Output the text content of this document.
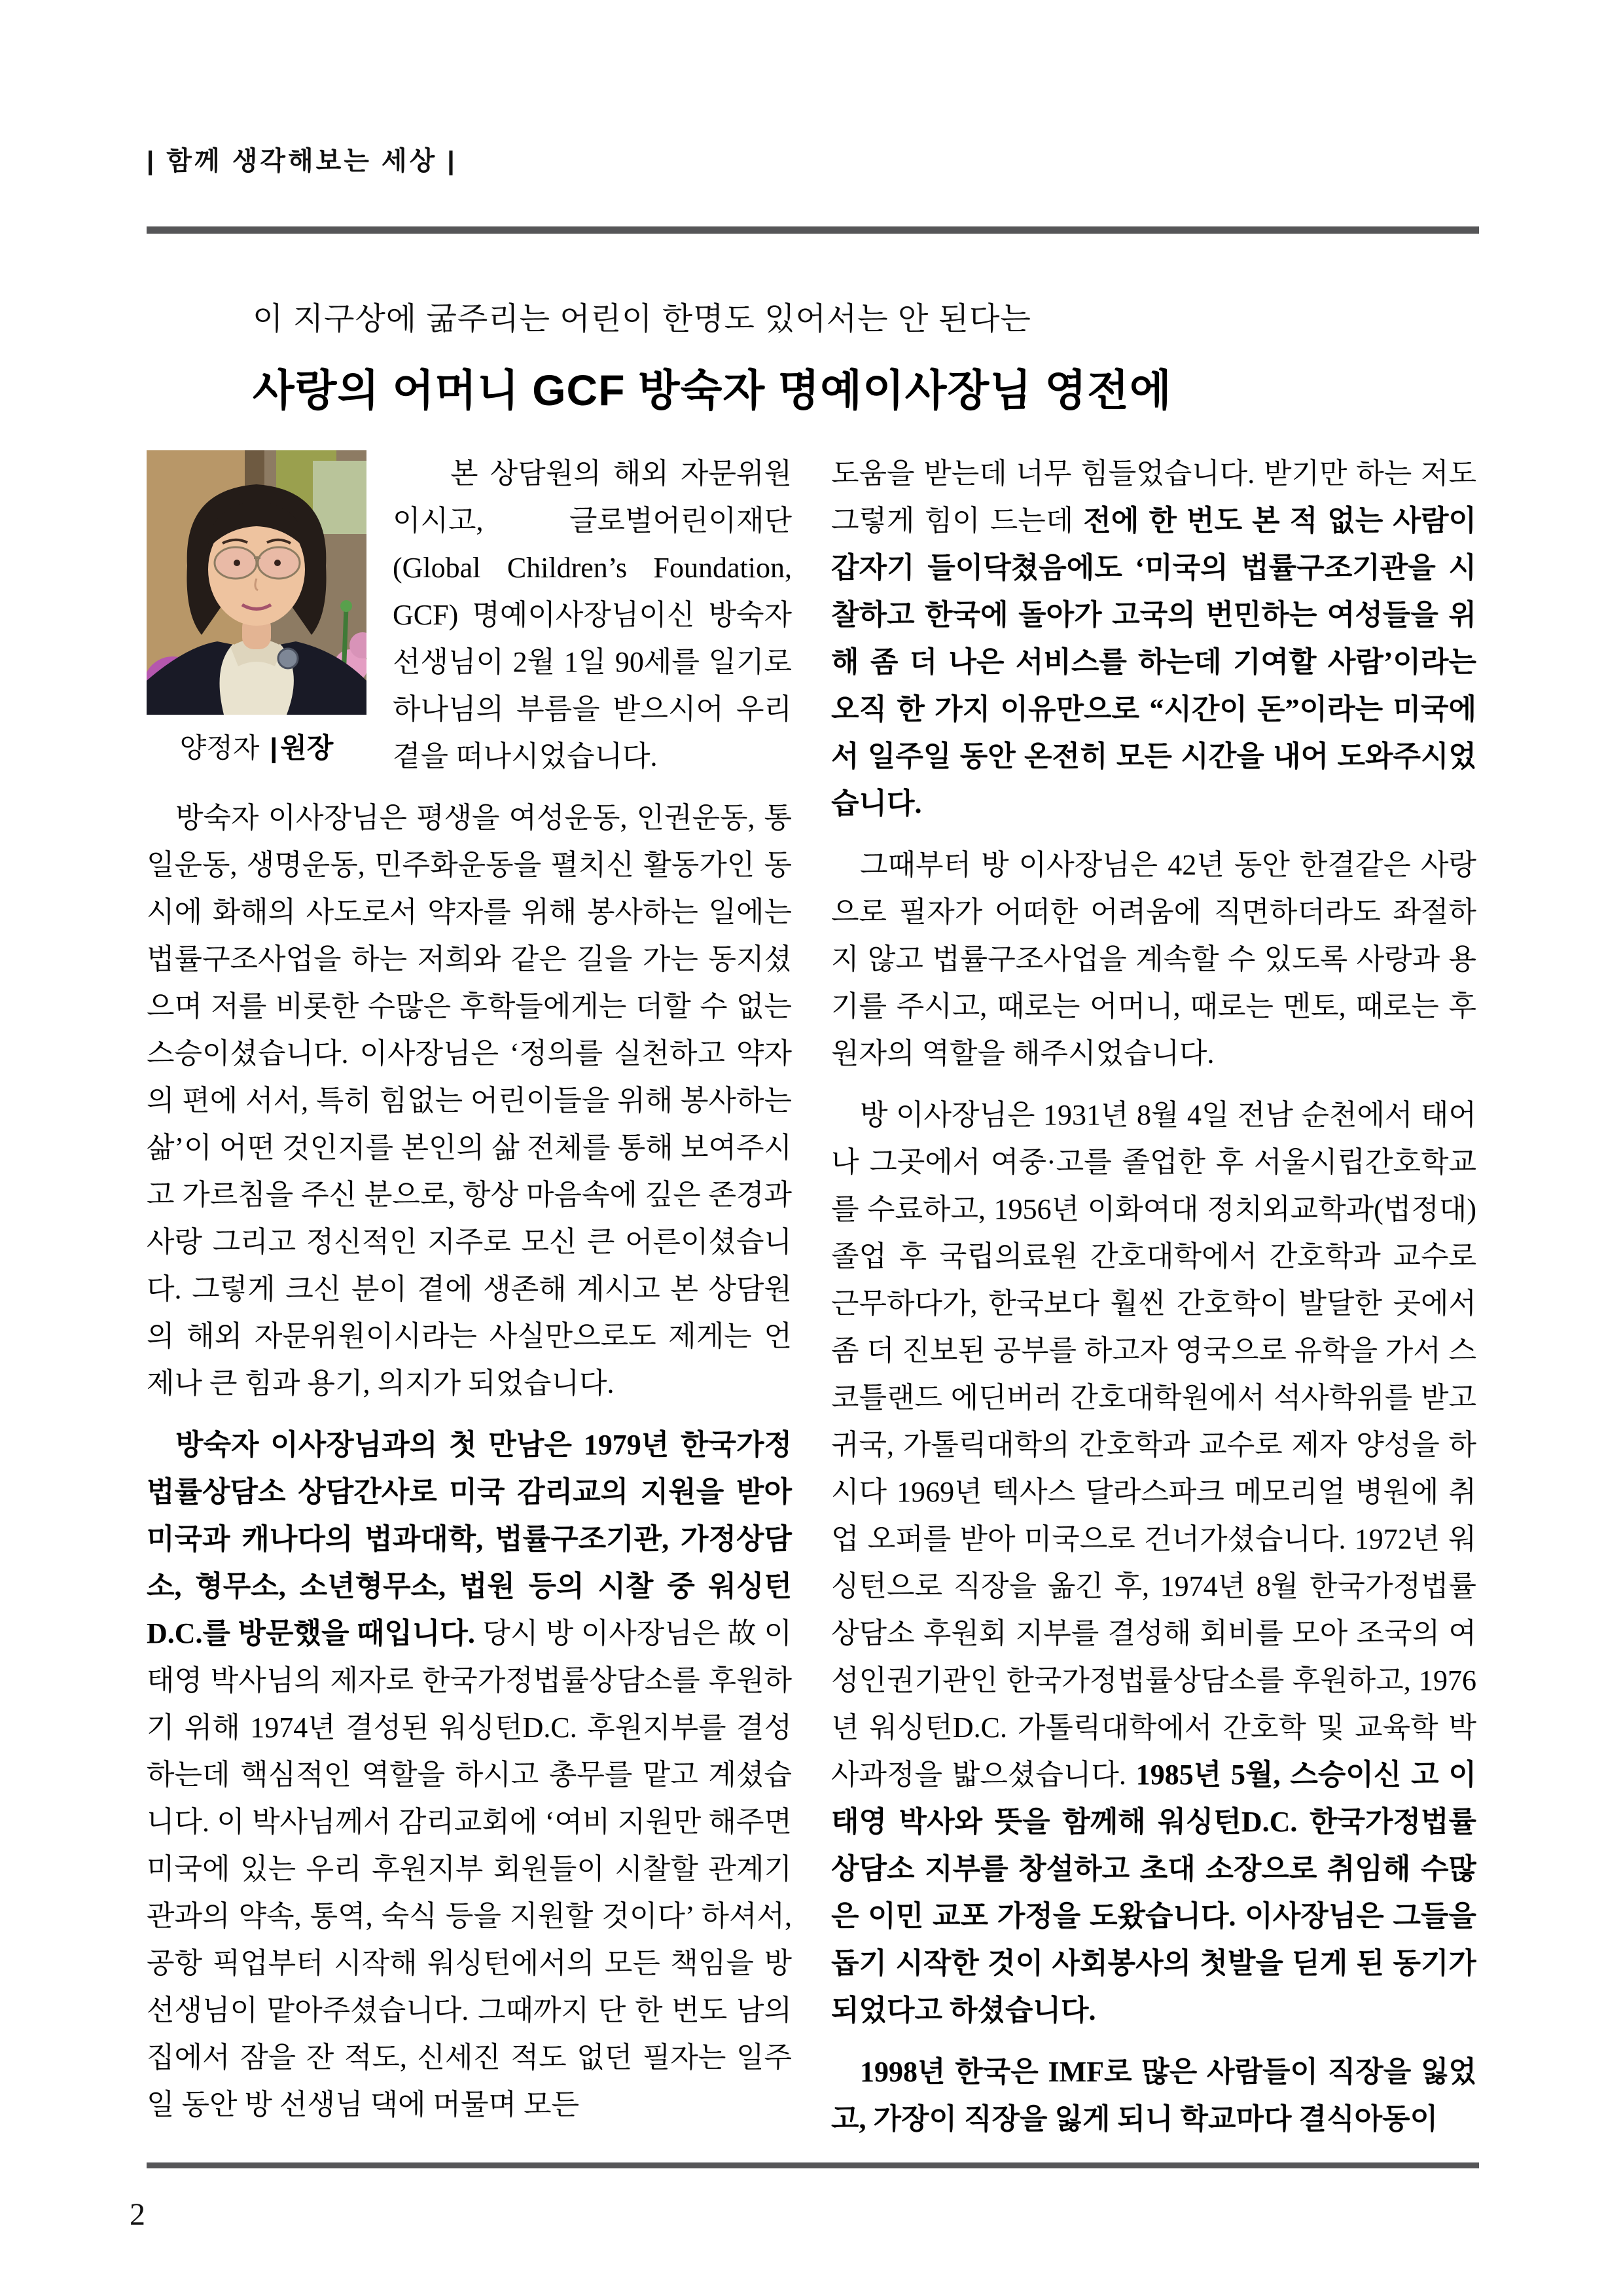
| 함께 생각해보는 세상 |
이 지구상에 굶주리는 어린이 한명도 있어서는 안 된다는
사랑의 어머니 GCF 방숙자 명예이사장님 영전에
양정자 |원장

본 상담원의 해외 자문위원이시고, 글로벌어린이재단(Global Children’s Foundation, GCF) 명예이사장님이신 방숙자 선생님이 2월 1일 90세를 일기로 하나님의 부름을 받으시어 우리 곁을 떠나시었습니다.

방숙자 이사장님은 평생을 여성운동, 인권운동, 통일운동, 생명운동, 민주화운동을 펼치신 활동가인 동시에 화해의 사도로서 약자를 위해 봉사하는 일에는 법률구조사업을 하는 저희와 같은 길을 가는 동지셨으며 저를 비롯한 수많은 후학들에게는 더할 수 없는 스승이셨습니다. 이사장님은 ‘정의를 실천하고 약자의 편에 서서, 특히 힘없는 어린이들을 위해 봉사하는 삶’이 어떤 것인지를 본인의 삶 전체를 통해 보여주시고 가르침을 주신 분으로, 항상 마음속에 깊은 존경과 사랑 그리고 정신적인 지주로 모신 큰 어른이셨습니다. 그렇게 크신 분이 곁에 생존해 계시고 본 상담원의 해외 자문위원이시라는 사실만으로도 제게는 언제나 큰 힘과 용기, 의지가 되었습니다.

방숙자 이사장님과의 첫 만남은 1979년 한국가정법률상담소 상담간사로 미국 감리교의 지원을 받아 미국과 캐나다의 법과대학, 법률구조기관, 가정상담소, 형무소, 소년형무소, 법원 등의 시찰 중 워싱턴D.C.를 방문했을 때입니다. 당시 방 이사장님은 故 이태영 박사님의 제자로 한국가정법률상담소를 후원하기 위해 1974년 결성된 워싱턴D.C. 후원지부를 결성하는데 핵심적인 역할을 하시고 총무를 맡고 계셨습니다. 이 박사님께서 감리교회에 ‘여비 지원만 해주면 미국에 있는 우리 후원지부 회원들이 시찰할 관계기관과의 약속, 통역, 숙식 등을 지원할 것이다’ 하셔서, 공항 픽업부터 시작해 워싱턴에서의 모든 책임을 방 선생님이 맡아주셨습니다. 그때까지 단 한 번도 남의 집에서 잠을 잔 적도, 신세진 적도 없던 필자는 일주일 동안 방 선생님 댁에 머물며 모든

도움을 받는데 너무 힘들었습니다. 받기만 하는 저도 그렇게 힘이 드는데 전에 한 번도 본 적 없는 사람이 갑자기 들이닥쳤음에도 ‘미국의 법률구조기관을 시찰하고 한국에 돌아가 고국의 번민하는 여성들을 위해 좀 더 나은 서비스를 하는데 기여할 사람’이라는 오직 한 가지 이유만으로 “시간이 돈”이라는 미국에서 일주일 동안 온전히 모든 시간을 내어 도와주시었습니다.

그때부터 방 이사장님은 42년 동안 한결같은 사랑으로 필자가 어떠한 어려움에 직면하더라도 좌절하지 않고 법률구조사업을 계속할 수 있도록 사랑과 용기를 주시고, 때로는 어머니, 때로는 멘토, 때로는 후원자의 역할을 해주시었습니다.

방 이사장님은 1931년 8월 4일 전남 순천에서 태어나 그곳에서 여중·고를 졸업한 후 서울시립간호학교를 수료하고, 1956년 이화여대 정치외교학과(법정대) 졸업 후 국립의료원 간호대학에서 간호학과 교수로 근무하다가, 한국보다 훨씬 간호학이 발달한 곳에서 좀 더 진보된 공부를 하고자 영국으로 유학을 가서 스코틀랜드 에딘버러 간호대학원에서 석사학위를 받고 귀국, 가톨릭대학의 간호학과 교수로 제자 양성을 하시다 1969년 텍사스 달라스파크 메모리얼 병원에 취업 오퍼를 받아 미국으로 건너가셨습니다. 1972년 워싱턴으로 직장을 옮긴 후, 1974년 8월 한국가정법률상담소 후원회 지부를 결성해 회비를 모아 조국의 여성인권기관인 한국가정법률상담소를 후원하고, 1976년 워싱턴D.C. 가톨릭대학에서 간호학 및 교육학 박사과정을 밟으셨습니다. 1985년 5월, 스승이신 고 이태영 박사와 뜻을 함께해 워싱턴D.C. 한국가정법률상담소 지부를 창설하고 초대 소장으로 취임해 수많은 이민 교포 가정을 도왔습니다. 이사장님은 그들을 돕기 시작한 것이 사회봉사의 첫발을 딛게 된 동기가 되었다고 하셨습니다.

1998년 한국은 IMF로 많은 사람들이 직장을 잃었고, 가장이 직장을 잃게 되니 학교마다 결식아동이

2
